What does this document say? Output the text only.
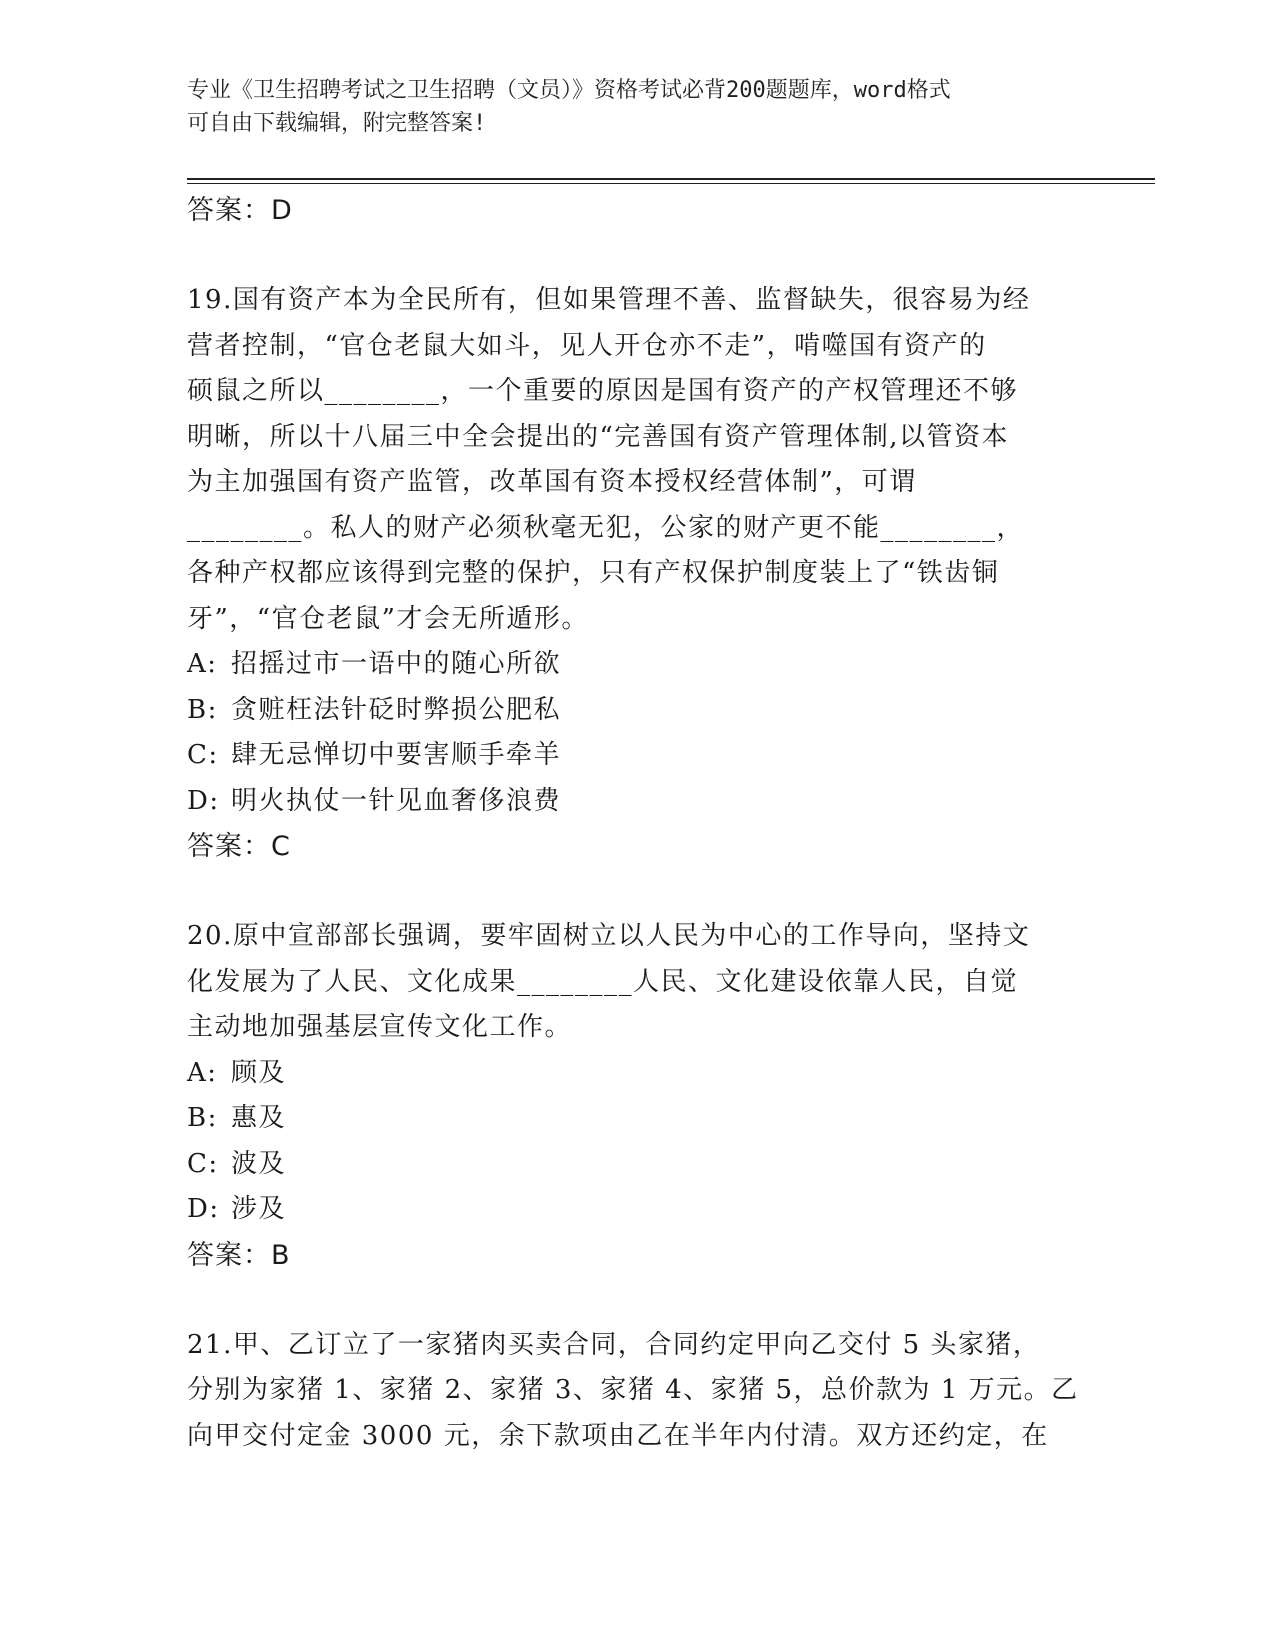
专业《卫生招聘考试之卫生招聘（文员）》资格考试必背200题题库，word格式
可自由下载编辑，附完整答案!
答案：D

19.国有资产本为全民所有，但如果管理不善、监督缺失，很容易为经
营者控制，“官仓老鼠大如斗，见人开仓亦不走”，啃噬国有资产的
硕鼠之所以________，一个重要的原因是国有资产的产权管理还不够
明晰，所以十八届三中全会提出的“完善国有资产管理体制,以管资本
为主加强国有资产监管，改革国有资本授权经营体制”，可谓
________。私人的财产必须秋毫无犯，公家的财产更不能________，
各种产权都应该得到完整的保护，只有产权保护制度装上了“铁齿铜
牙”，“官仓老鼠”才会无所遁形。

A: 招摇过市一语中的随心所欲
B: 贪赃枉法针砭时弊损公肥私
C: 肆无忌惮切中要害顺手牵羊
D: 明火执仗一针见血奢侈浪费
答案：C

20.原中宣部部长强调，要牢固树立以人民为中心的工作导向，坚持文
化发展为了人民、文化成果________人民、文化建设依靠人民，自觉
主动地加强基层宣传文化工作。

A: 顾及
B: 惠及
C: 波及
D: 涉及
答案：B

21.甲、乙订立了一家猪肉买卖合同，合同约定甲向乙交付 5 头家猪，
分别为家猪 1、家猪 2、家猪 3、家猪 4、家猪 5，总价款为 1 万元。乙
向甲交付定金 3000 元，余下款项由乙在半年内付清。双方还约定，在
